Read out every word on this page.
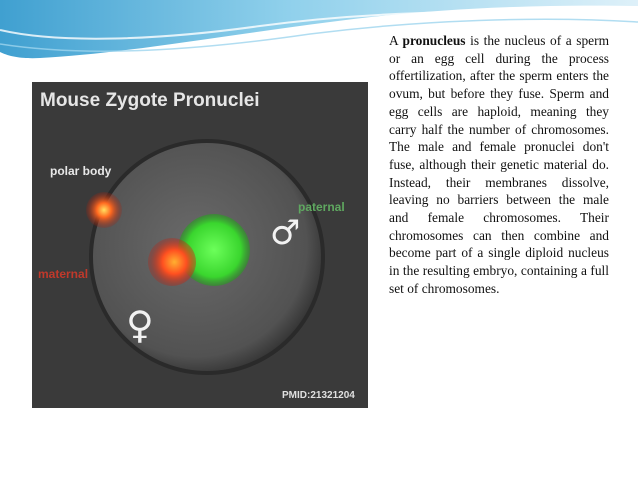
♂
♀
Mouse Zygote Pronuclei
polar body
paternal
maternal
PMID:21321204
A pronucleus is the nucleus of a sperm or an egg cell during the process offertilization, after the sperm enters the ovum, but before they fuse. Sperm and egg cells are haploid, meaning they carry half the number of chromosomes. The male and female pronuclei don't fuse, although their genetic material do. Instead, their membranes dissolve, leaving no barriers between the male and female chromosomes. Their chromosomes can then combine and become part of a single diploid nucleus in the resulting embryo, containing a full set of chromosomes.
